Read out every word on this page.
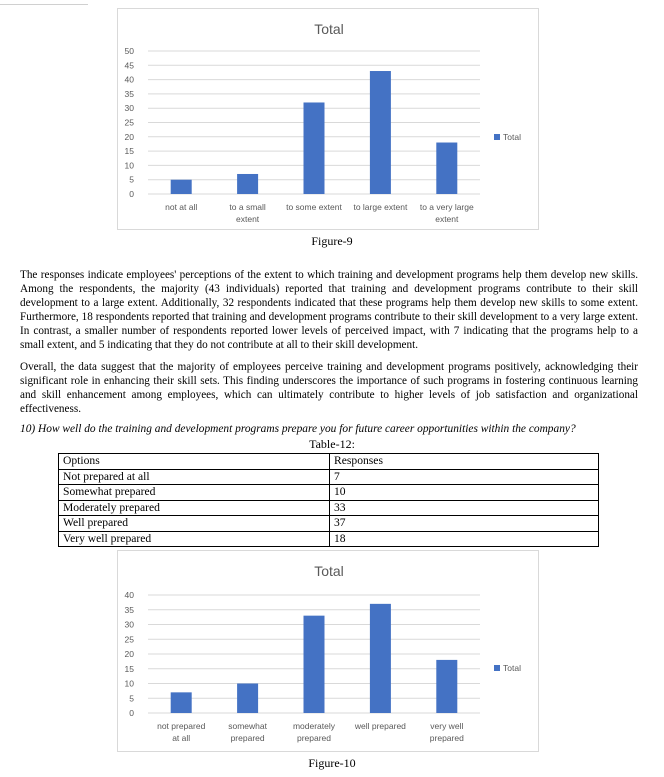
Total
0
5
10
15
20
25
30
35
40
45
50
not at all	to a small
extent
to some extent to large extent to a very large
extent
Total
Figure-9

The responses indicate employees' perceptions of the extent to which training and development programs help them develop new skills. Among the respondents, the majority (43 individuals) reported that training and development programs contribute to their skill development to a large extent. Additionally, 32 respondents indicated that these programs help them develop new skills to some extent. Furthermore, 18 respondents reported that training and development programs contribute to their skill development to a very large extent. In contrast, a smaller number of respondents reported lower levels of perceived impact, with 7 indicating that the programs help to a small extent, and 5 indicating that they do not contribute at all to their skill development.

Overall, the data suggest that the majority of employees perceive training and development programs positively, acknowledging their significant role in enhancing their skill sets. This finding underscores the importance of such programs in fostering continuous learning and skill enhancement among employees, which can ultimately contribute to higher levels of job satisfaction and organizational effectiveness.

10) How well do the training and development programs prepare you for future career opportunities within the company?

Table-12:
Options	Responses
Not prepared at all	7
Somewhat prepared	10
Moderately prepared	33
Well prepared	37
Very well prepared	18
Total
0
5
10
15
20
25
30
35
40
not prepared
at all
somewhat
prepared
moderately
prepared
well prepared	very well
prepared
Total
Figure-10
